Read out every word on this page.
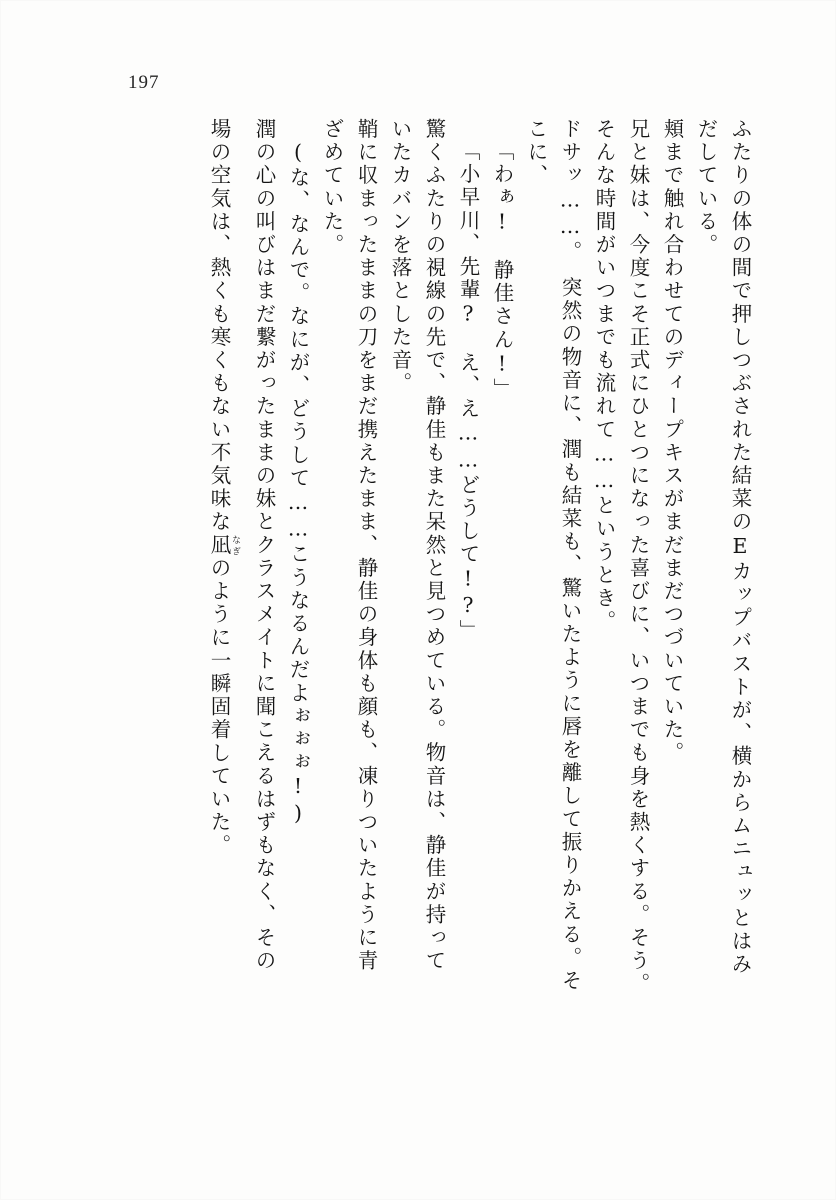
197
ふたりの体の間で押しつぶされた結菜のEカップバストが、横からムニュッとはみ
だしている。
頬まで触れ合わせてのディープキスがまだまだつづいていた。
兄と妹は、今度こそ正式にひとつになった喜びに、いつまでも身を熱くする。そう。
そんな時間がいつまでも流れて……というとき。
ドサッ……。　突然の物音に、潤も結菜も、驚いたように唇を離して振りかえる。そ
こに、
「わぁ!　静佳さん!」
「小早川、先輩?　え、え……どうして!?」
驚くふたりの視線の先で、静佳もまた呆然と見つめている。物音は、静佳が持って
いたカバンを落とした音。
鞘に収まったままの刀をまだ携えたまま、静佳の身体も顔も、凍りついたように青
ざめていた。
(な、なんで。なにが、どうして……こうなるんだよぉぉぉ!)
潤の心の叫びはまだ繋がったままの妹とクラスメイトに聞こえるはずもなく、その
場の空気は、熱くも寒くもない不気味な凪 なぎのように一瞬固着していた。
